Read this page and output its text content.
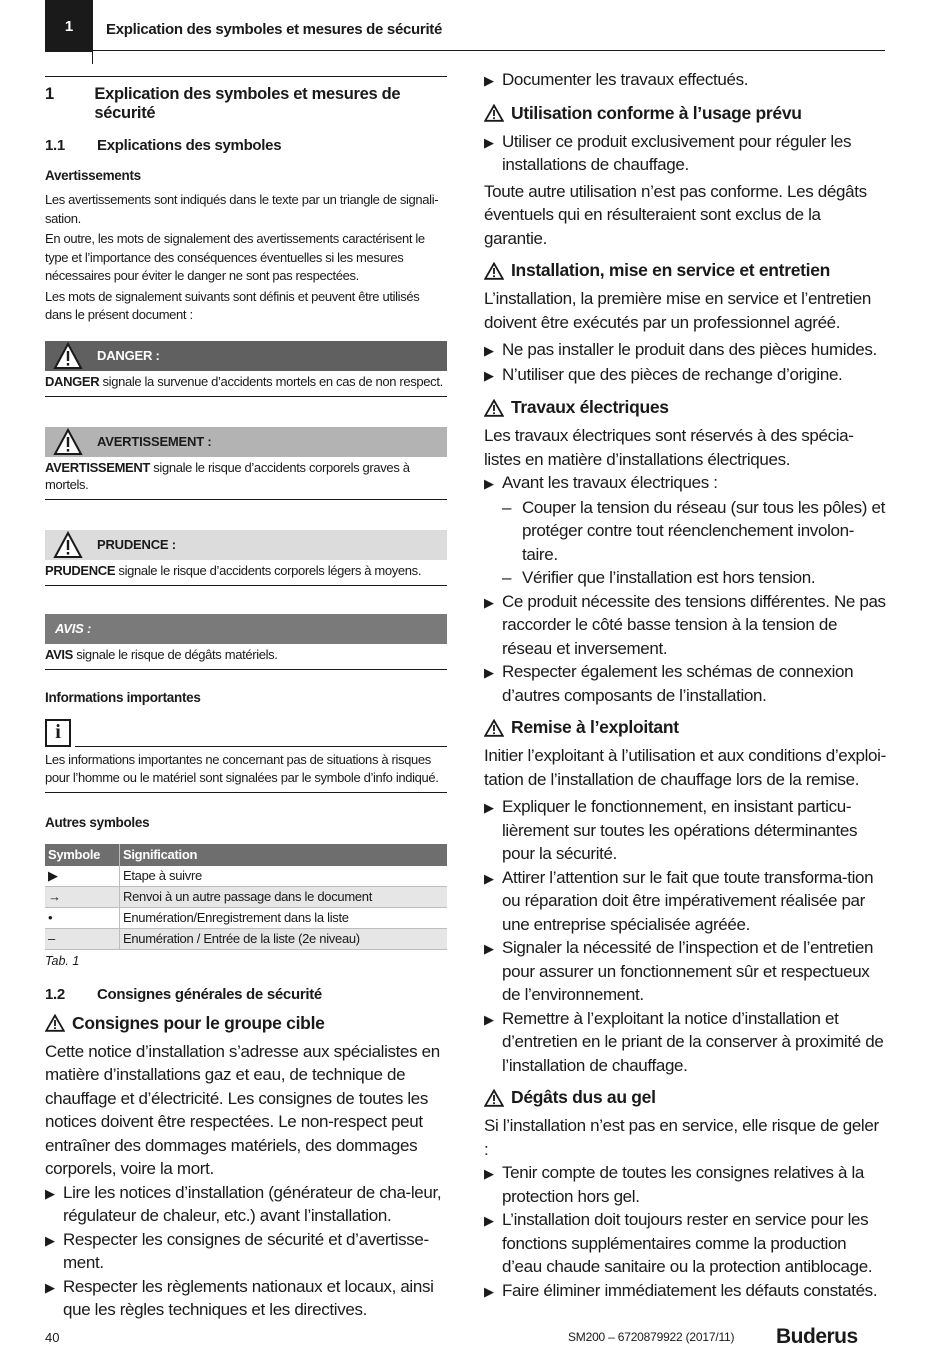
1	Explication des symboles et mesures de sécurité
1	Explication des symboles et mesures de sécurité
1.1	Explications des symboles
Avertissements
Les avertissements sont indiqués dans le texte par un triangle de signali-sation.
En outre, les mots de signalement des avertissements caractérisent le type et l’importance des conséquences éventuelles si les mesures nécessaires pour éviter le danger ne sont pas respectées.
Les mots de signalement suivants sont définis et peuvent être utilisés dans le présent document :
DANGER :
DANGER signale la survenue d’accidents mortels en cas de non respect.
AVERTISSEMENT :
AVERTISSEMENT signale le risque d’accidents corporels graves à mortels.
PRUDENCE :
PRUDENCE signale le risque d’accidents corporels légers à moyens.
AVIS :
AVIS signale le risque de dégâts matériels.
Informations importantes
i
Les informations importantes ne concernant pas de situations à risques pour l’homme ou le matériel sont signalées par le symbole d’info indiqué.
Autres symboles
Symbole	Signification
▶	Etape à suivre
→	Renvoi à un autre passage dans le document
•	Enumération/Enregistrement dans la liste
–	Enumération / Entrée de la liste (2e niveau)
Tab. 1
1.2	Consignes générales de sécurité
Consignes pour le groupe cible
Cette notice d’installation s’adresse aux spécialistes en matière d’installations gaz et eau, de technique de chauffage et d’électricité. Les consignes de toutes les notices doivent être respectées. Le non-respect peut entraîner des dommages matériels, des dommages corporels, voire la mort.
▶ Lire les notices d’installation (générateur de cha-leur, régulateur de chaleur, etc.) avant l’installation.
▶ Respecter les consignes de sécurité et d’avertisse-ment.
▶ Respecter les règlements nationaux et locaux, ainsi que les règles techniques et les directives.
▶ Documenter les travaux effectués.
Utilisation conforme à l’usage prévu
▶ Utiliser ce produit exclusivement pour réguler les installations de chauffage.
Toute autre utilisation n’est pas conforme. Les dégâts éventuels qui en résulteraient sont exclus de la garantie.
Installation, mise en service et entretien
L’installation, la première mise en service et l’entretien doivent être exécutés par un professionnel agréé.
▶ Ne pas installer le produit dans des pièces humides.
▶ N’utiliser que des pièces de rechange d’origine.
Travaux électriques
Les travaux électriques sont réservés à des spécia-listes en matière d’installations électriques.
▶ Avant les travaux électriques :
– Couper la tension du réseau (sur tous les pôles) et protéger contre tout réenclenchement involon-taire.
– Vérifier que l’installation est hors tension.
▶ Ce produit nécessite des tensions différentes. Ne pas raccorder le côté basse tension à la tension de réseau et inversement.
▶ Respecter également les schémas de connexion d’autres composants de l’installation.
Remise à l’exploitant
Initier l’exploitant à l’utilisation et aux conditions d’exploi-tation de l’installation de chauffage lors de la remise.
▶ Expliquer le fonctionnement, en insistant particu-lièrement sur toutes les opérations déterminantes pour la sécurité.
▶ Attirer l’attention sur le fait que toute transforma-tion ou réparation doit être impérativement réalisée par une entreprise spécialisée agréée.
▶ Signaler la nécessité de l’inspection et de l’entretien pour assurer un fonctionnement sûr et respectueux de l’environnement.
▶ Remettre à l’exploitant la notice d’installation et d’entretien en le priant de la conserver à proximité de l’installation de chauffage.
Dégâts dus au gel
Si l’installation n’est pas en service, elle risque de geler :
▶ Tenir compte de toutes les consignes relatives à la protection hors gel.
▶ L’installation doit toujours rester en service pour les fonctions supplémentaires comme la production d’eau chaude sanitaire ou la protection antiblocage.
▶ Faire éliminer immédiatement les défauts constatés.
40	SM200 – 6720879922 (2017/11) Buderus
